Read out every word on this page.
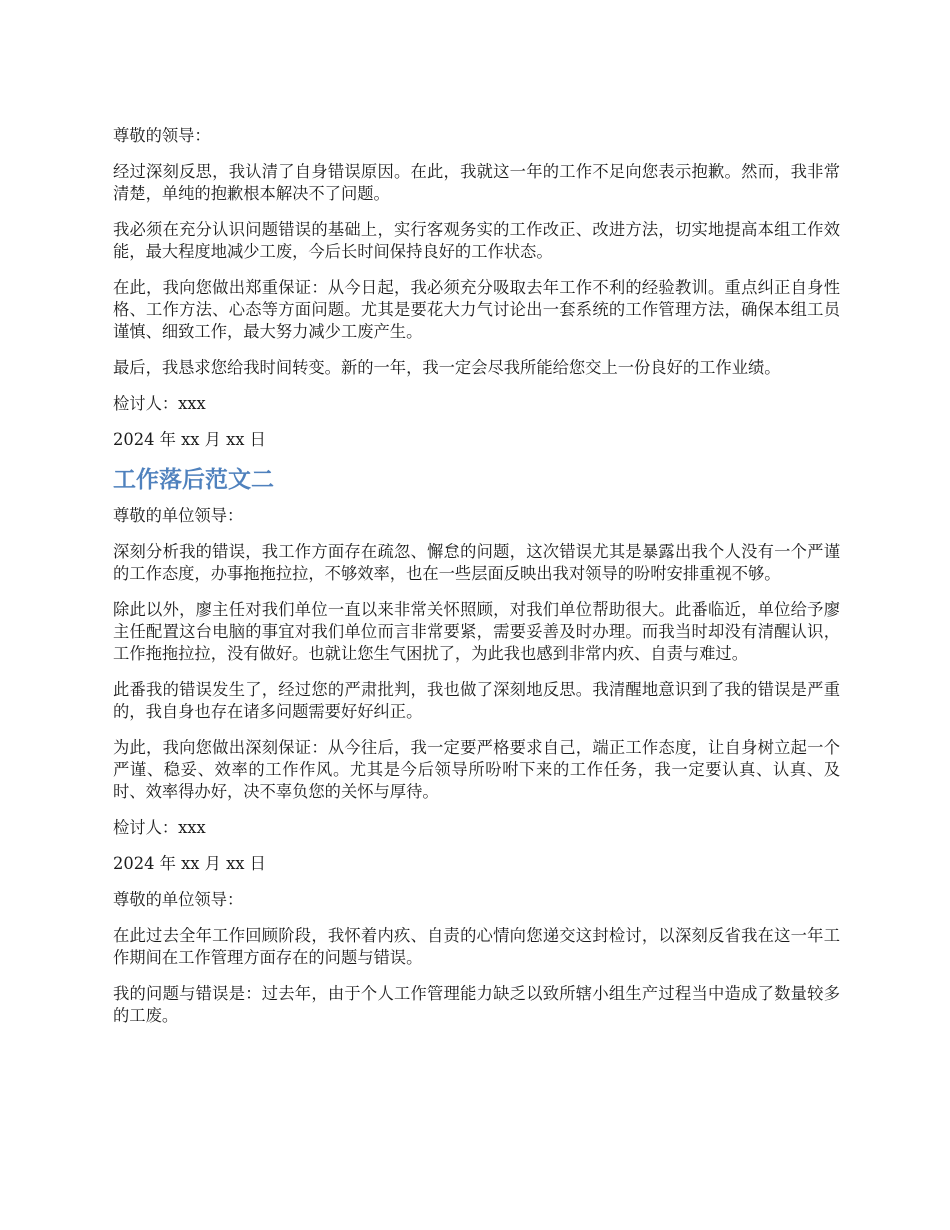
尊敬的领导：

经过深刻反思，我认清了自身错误原因。在此，我就这一年的工作不足向您表示抱歉。然而，我非常清楚，单纯的抱歉根本解决不了问题。

我必须在充分认识问题错误的基础上，实行客观务实的工作改正、改进方法，切实地提高本组工作效能，最大程度地减少工废，今后长时间保持良好的工作状态。

在此，我向您做出郑重保证：从今日起，我必须充分吸取去年工作不利的经验教训。重点纠正自身性格、工作方法、心态等方面问题。尤其是要花大力气讨论出一套系统的工作管理方法，确保本组工员谨慎、细致工作，最大努力减少工废产生。

最后，我恳求您给我时间转变。新的一年，我一定会尽我所能给您交上一份良好的工作业绩。

检讨人：xxx

2024 年 xx 月 xx 日

工作落后范文二

尊敬的单位领导：

深刻分析我的错误，我工作方面存在疏忽、懈怠的问题，这次错误尤其是暴露出我个人没有一个严谨的工作态度，办事拖拖拉拉，不够效率，也在一些层面反映出我对领导的吩咐安排重视不够。

除此以外，廖主任对我们单位一直以来非常关怀照顾，对我们单位帮助很大。此番临近，单位给予廖主任配置这台电脑的事宜对我们单位而言非常要紧，需要妥善及时办理。而我当时却没有清醒认识，工作拖拖拉拉，没有做好。也就让您生气困扰了，为此我也感到非常内疚、自责与难过。

此番我的错误发生了，经过您的严肃批判，我也做了深刻地反思。我清醒地意识到了我的错误是严重的，我自身也存在诸多问题需要好好纠正。

为此，我向您做出深刻保证：从今往后，我一定要严格要求自己，端正工作态度，让自身树立起一个严谨、稳妥、效率的工作作风。尤其是今后领导所吩咐下来的工作任务，我一定要认真、认真、及时、效率得办好，决不辜负您的关怀与厚待。

检讨人：xxx

2024 年 xx 月 xx 日

尊敬的单位领导：

在此过去全年工作回顾阶段，我怀着内疚、自责的心情向您递交这封检讨，以深刻反省我在这一年工作期间在工作管理方面存在的问题与错误。

我的问题与错误是：过去年，由于个人工作管理能力缺乏以致所辖小组生产过程当中造成了数量较多的工废。
